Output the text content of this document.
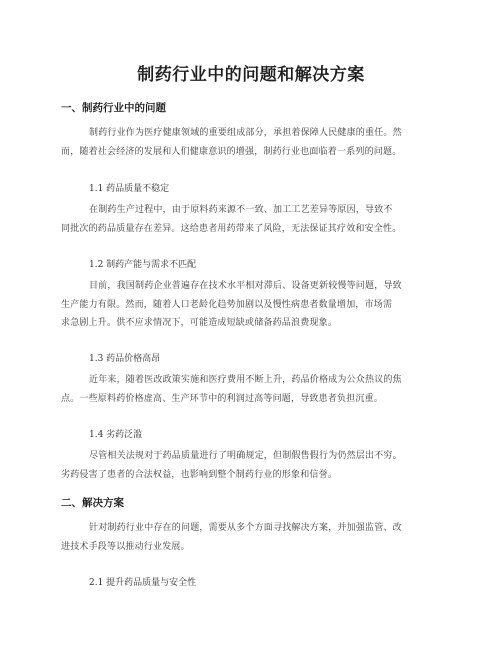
制药行业中的问题和解决方案
一、制药行业中的问题
制药行业作为医疗健康领域的重要组成部分，承担着保障人民健康的重任。然
而，随着社会经济的发展和人们健康意识的增强，制药行业也面临着一系列的问题。
1.1 药品质量不稳定
在制药生产过程中，由于原料药来源不一致、加工工艺差异等原因，导致不
同批次的药品质量存在差异。这给患者用药带来了风险，无法保证其疗效和安全性。
1.2 制药产能与需求不匹配
目前，我国制药企业普遍存在技术水平相对滞后、设备更新较慢等问题，导致
生产能力有限。然而，随着人口老龄化趋势加剧以及慢性病患者数量增加，市场需
求急剧上升。供不应求情况下，可能造成短缺或储备药品浪费现象。
1.3 药品价格高昂
近年来，随着医改政策实施和医疗费用不断上升，药品价格成为公众热议的焦
点。一些原料药价格虚高、生产环节中的利润过高等问题，导致患者负担沉重。
1.4 劣药泛滥
尽管相关法规对于药品质量进行了明确规定，但制假售假行为仍然层出不穷。
劣药侵害了患者的合法权益，也影响到整个制药行业的形象和信誉。
二、解决方案
针对制药行业中存在的问题，需要从多个方面寻找解决方案，并加强监管、改
进技术手段等以推动行业发展。
2.1 提升药品质量与安全性
